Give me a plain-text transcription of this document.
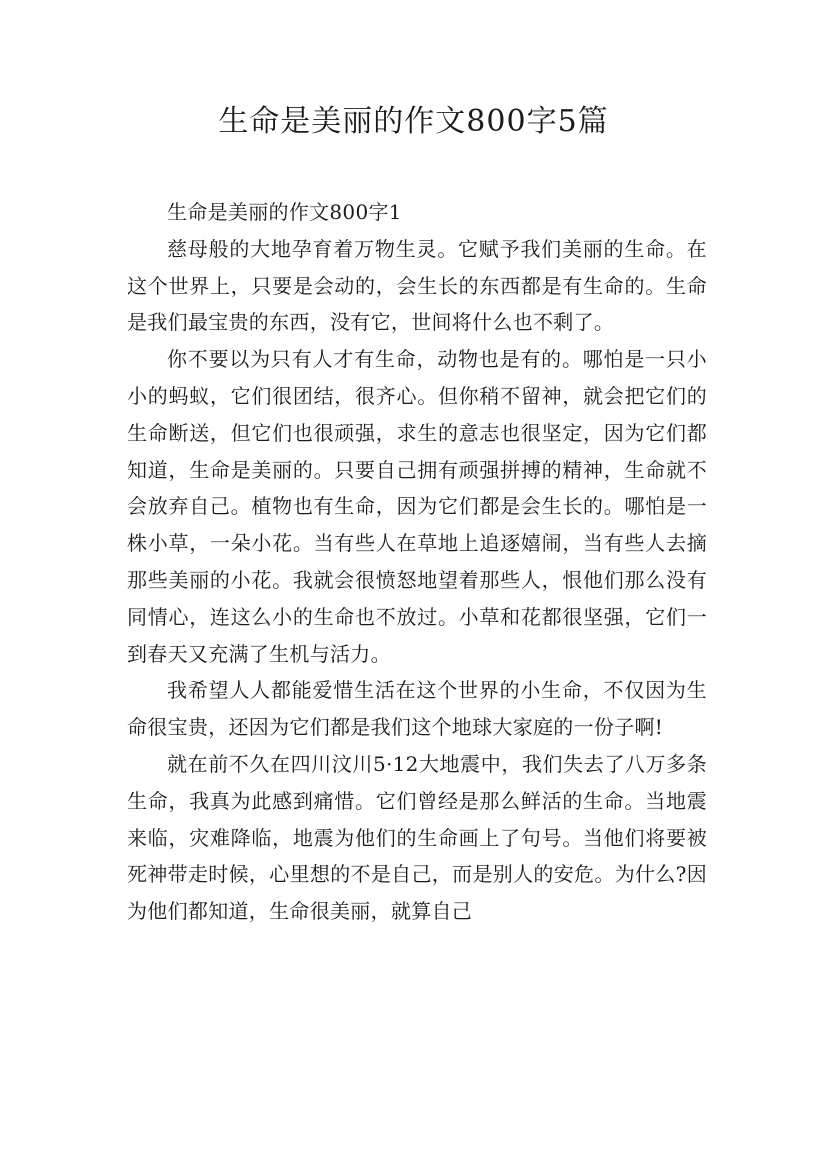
生命是美丽的作文800字5篇

生命是美丽的作文800字1

慈母般的大地孕育着万物生灵。它赋予我们美丽的生命。在这个世界上，只要是会动的，会生长的东西都是有生命的。生命是我们最宝贵的东西，没有它，世间将什么也不剩了。

你不要以为只有人才有生命，动物也是有的。哪怕是一只小小的蚂蚁，它们很团结，很齐心。但你稍不留神，就会把它们的生命断送，但它们也很顽强，求生的意志也很坚定，因为它们都知道，生命是美丽的。只要自己拥有顽强拼搏的精神，生命就不会放弃自己。植物也有生命，因为它们都是会生长的。哪怕是一株小草，一朵小花。当有些人在草地上追逐嬉闹，当有些人去摘那些美丽的小花。我就会很愤怒地望着那些人，恨他们那么没有同情心，连这么小的生命也不放过。小草和花都很坚强，它们一到春天又充满了生机与活力。

我希望人人都能爱惜生活在这个世界的小生命，不仅因为生命很宝贵，还因为它们都是我们这个地球大家庭的一份子啊!

就在前不久在四川汶川5·12大地震中，我们失去了八万多条生命，我真为此感到痛惜。它们曾经是那么鲜活的生命。当地震来临，灾难降临，地震为他们的生命画上了句号。当他们将要被死神带走时候，心里想的不是自己，而是别人的安危。为什么?因为他们都知道，生命很美丽，就算自己
